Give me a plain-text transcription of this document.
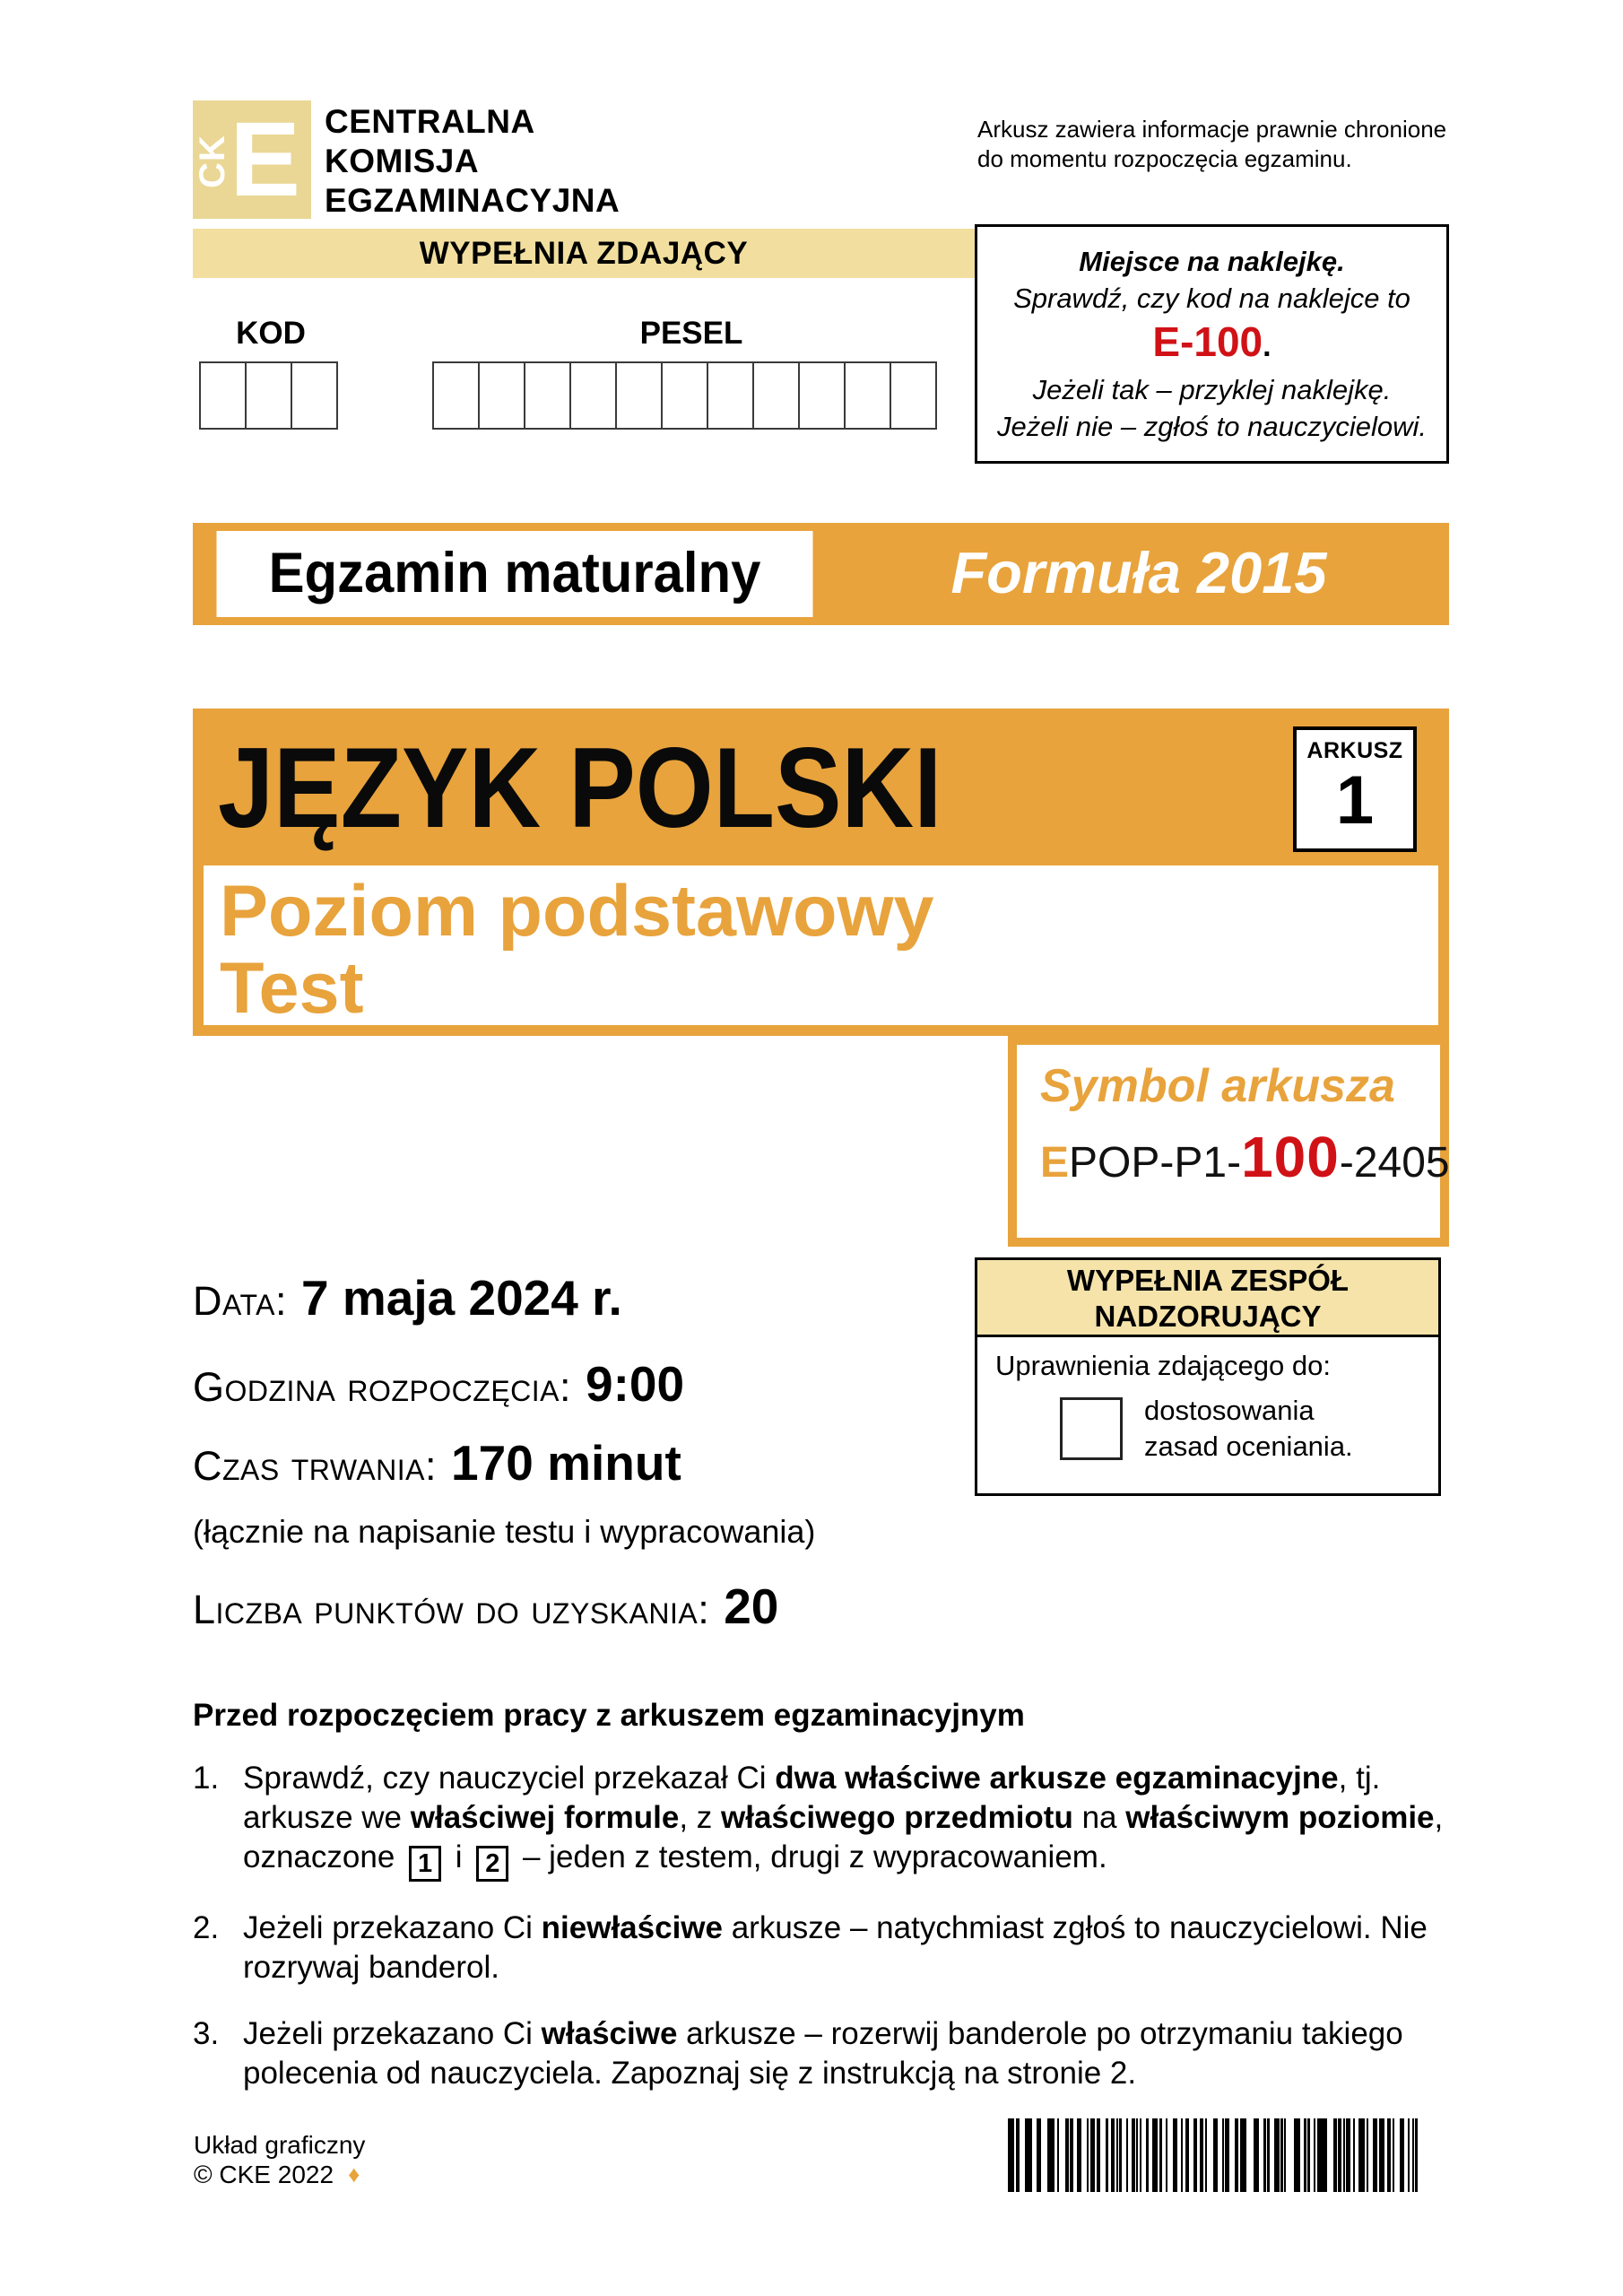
CK
E CENTRALNA
KOMISJA
EGZAMINACYJNA
Arkusz zawiera informacje prawnie chronione
do momentu rozpoczęcia egzaminu.
WYPEŁNIA ZDAJĄCY	Miejsce na naklejkę.
Sprawdź, czy kod na naklejce to
E-100.
Jeżeli tak – przyklej naklejkę.
Jeżeli nie – zgłoś to nauczycielowi.
KOD	PESEL
Egzamin maturalny	Formuła 2015
JĘZYK POLSKI	ARKUSZ
1
Poziom podstawowy
Test
Symbol arkusza
E POP-P1- 100 -2405
WYPEŁNIA ZESPÓŁ
NADZORUJĄCY
Uprawnienia zdającego do:
dostosowania
zasad oceniania.
Data: 7 maja 2024 r.
Godzina rozpoczęcia: 9:00
Czas trwania: 170 minut
(łącznie na napisanie testu i wypracowania)
Liczba punktów do uzyskania: 20
Przed rozpoczęciem pracy z arkuszem egzaminacyjnym
1. Sprawdź, czy nauczyciel przekazał Ci dwa właściwe arkusze egzaminacyjne, tj. arkusze we właściwej formule, z właściwego przedmiotu na właściwym poziomie, oznaczone 1 i 2 – jeden z testem, drugi z wypracowaniem.
2. Jeżeli przekazano Ci niewłaściwe arkusze – natychmiast zgłoś to nauczycielowi. Nie rozrywaj banderol.
3. Jeżeli przekazano Ci właściwe arkusze – rozerwij banderole po otrzymaniu takiego polecenia od nauczyciela. Zapoznaj się z instrukcją na stronie 2.
Układ graficzny
© CKE 2022 ♦
